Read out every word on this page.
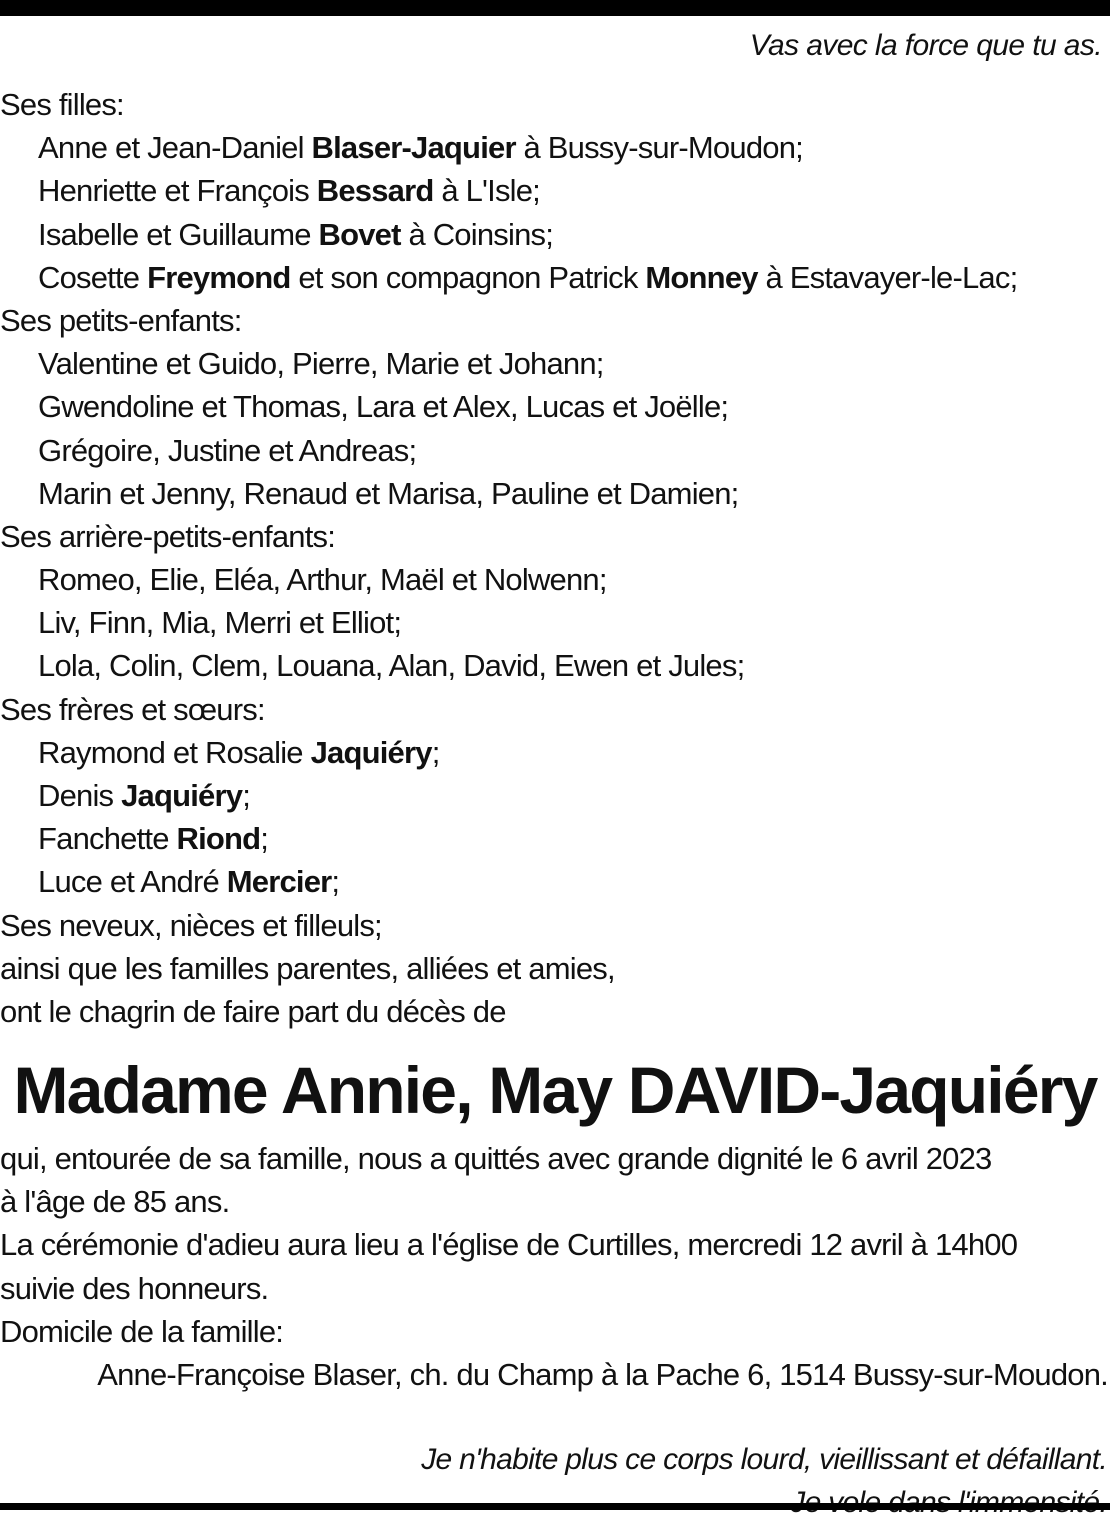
Vas avec la force que tu as.
Ses filles:
Anne et Jean-Daniel Blaser-Jaquier à Bussy-sur-Moudon;
Henriette et François Bessard à L'Isle;
Isabelle et Guillaume Bovet à Coinsins;
Cosette Freymond et son compagnon Patrick Monney à Estavayer-le-Lac;
Ses petits-enfants:
Valentine et Guido, Pierre, Marie et Johann;
Gwendoline et Thomas, Lara et Alex, Lucas et Joëlle;
Grégoire, Justine et Andreas;
Marin et Jenny, Renaud et Marisa, Pauline et Damien;
Ses arrière-petits-enfants:
Romeo, Elie, Eléa, Arthur, Maël et Nolwenn;
Liv, Finn, Mia, Merri et Elliot;
Lola, Colin, Clem, Louana, Alan, David, Ewen et Jules;
Ses frères et sœurs:
Raymond et Rosalie Jaquiéry;
Denis Jaquiéry;
Fanchette Riond;
Luce et André Mercier;
Ses neveux, nièces et filleuls;
ainsi que les familles parentes, alliées et amies,
ont le chagrin de faire part du décès de
Madame Annie, May DAVID-Jaquiéry
qui, entourée de sa famille, nous a quittés avec grande dignité le 6 avril 2023
à l'âge de 85 ans.
La cérémonie d'adieu aura lieu a l'église de Curtilles, mercredi 12 avril à 14h00
suivie des honneurs.
Domicile de la famille:
Anne-Françoise Blaser, ch. du Champ à la Pache 6, 1514 Bussy-sur-Moudon.
Je n'habite plus ce corps lourd, vieillissant et défaillant.
